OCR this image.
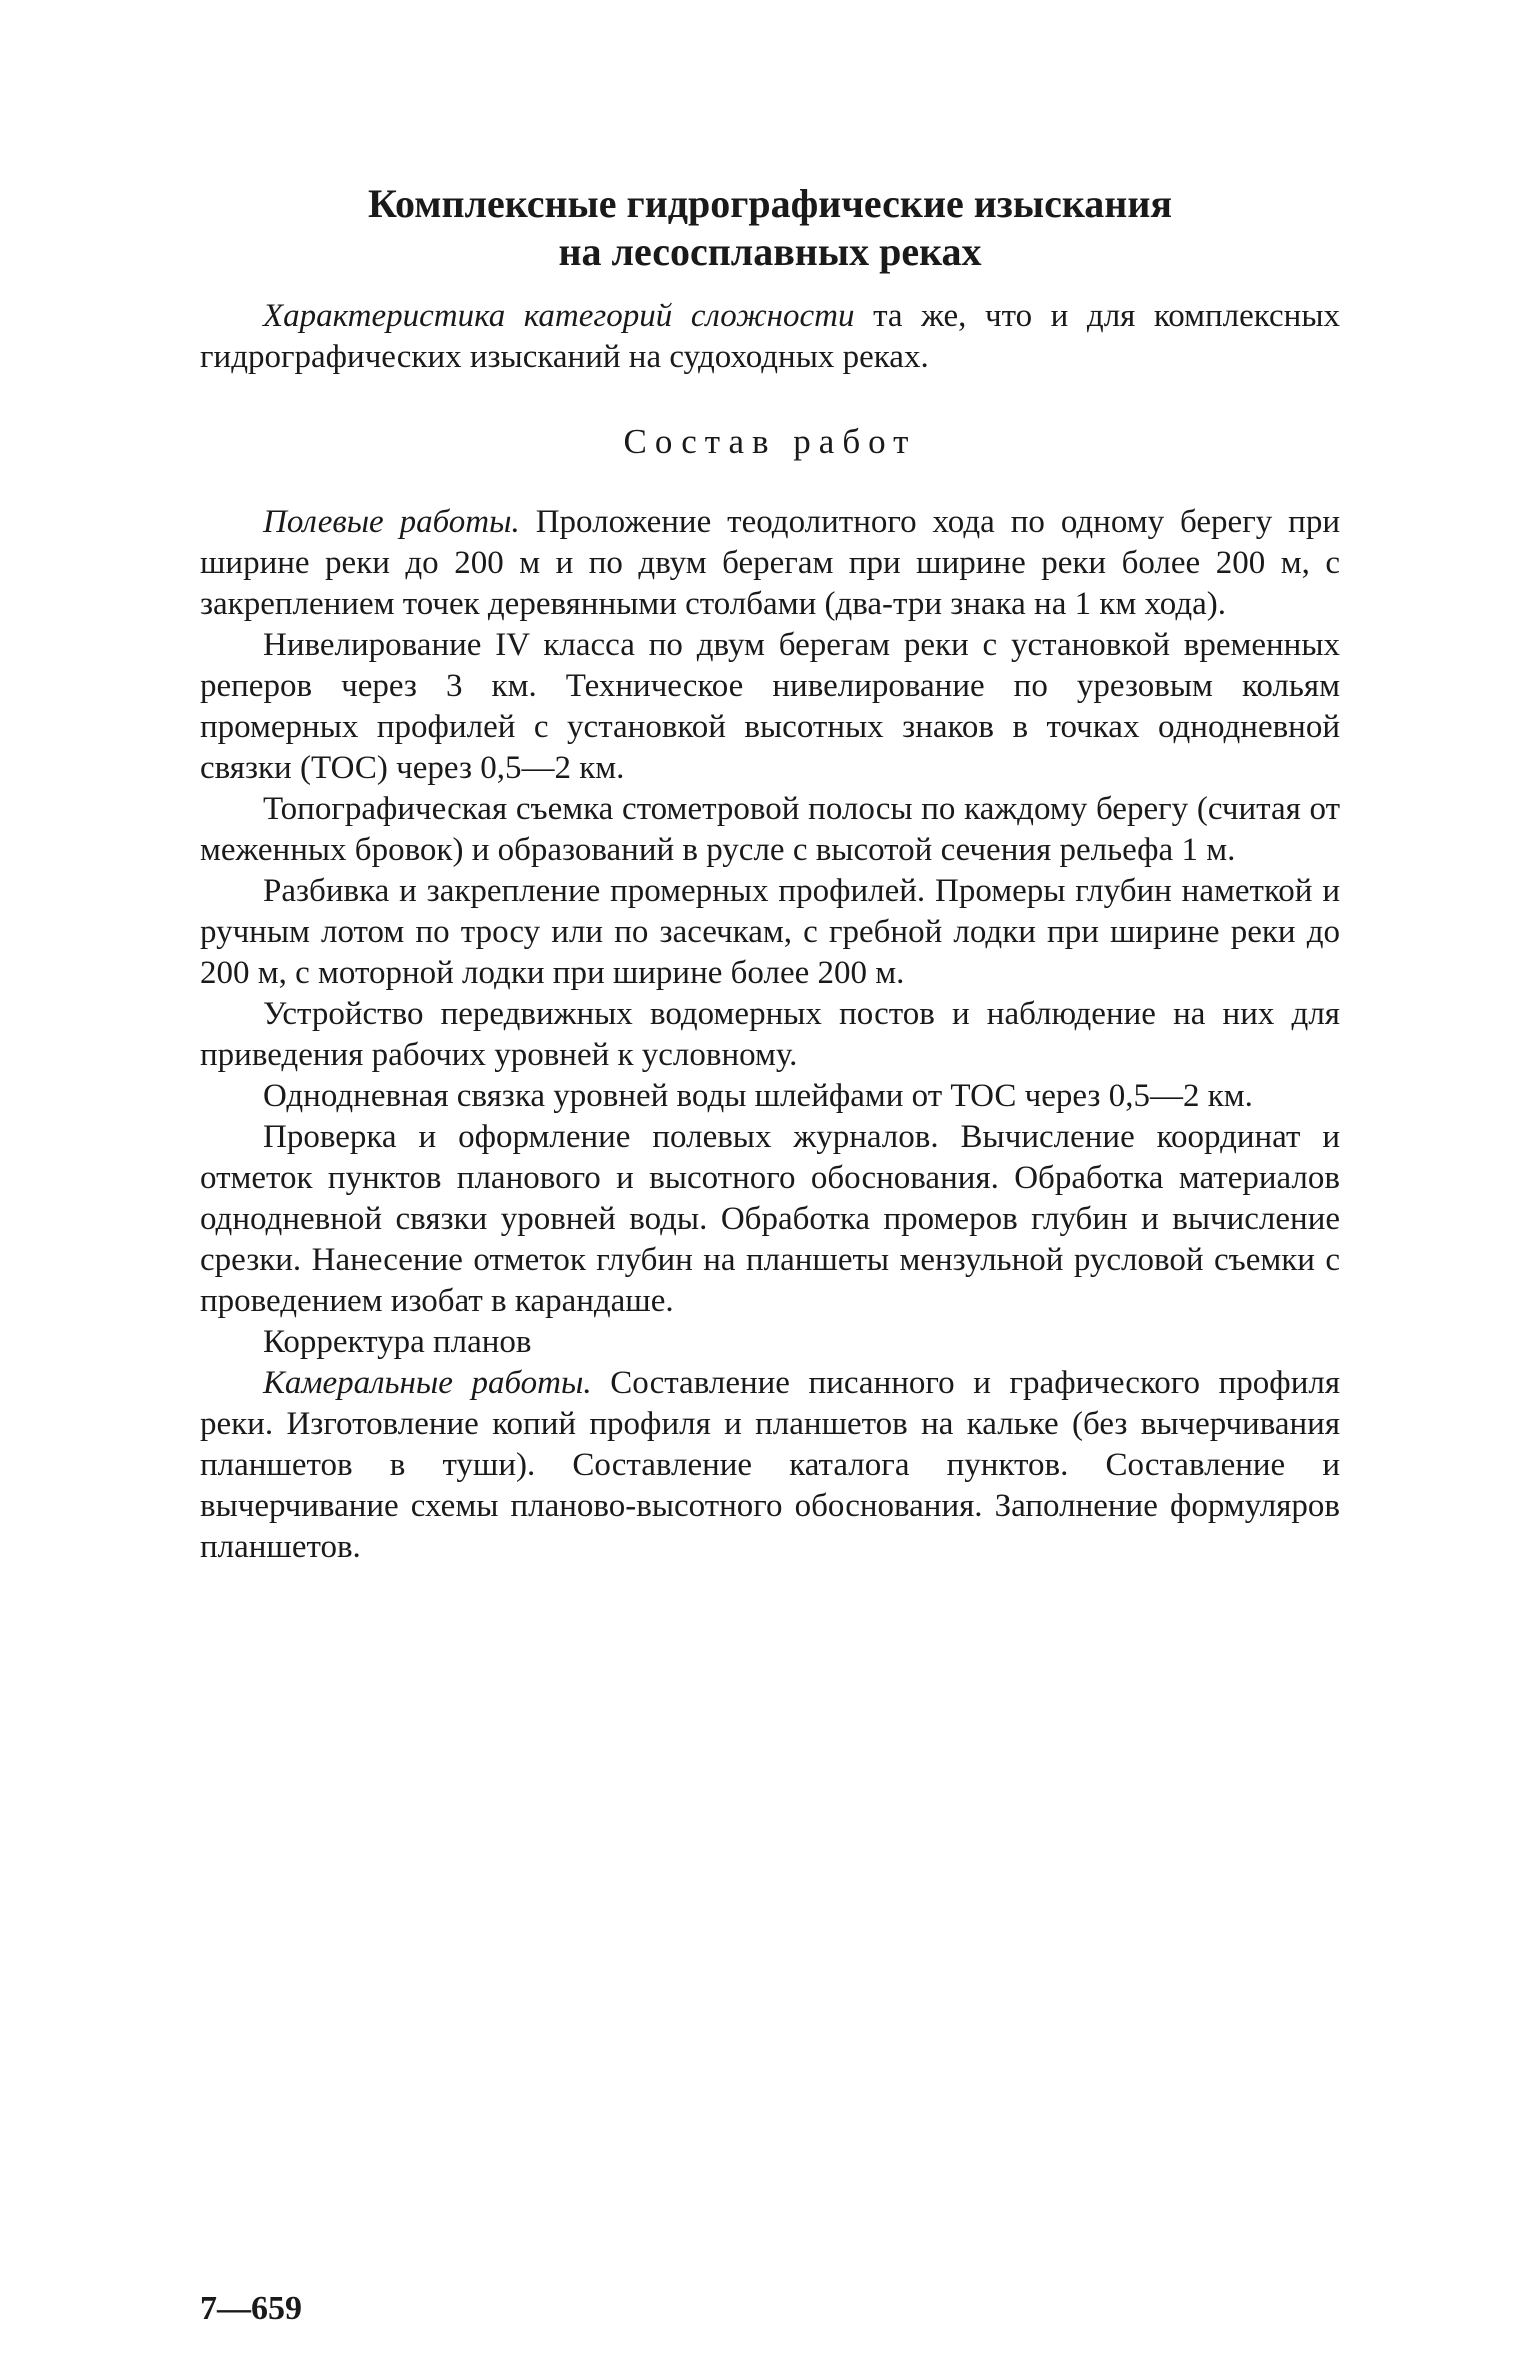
Комплексные гидрографические изыскания
на лесосплавных реках

Характеристика категорий сложности та же, что и для комплексных гидрографических изысканий на судоходных реках.

Состав работ

Полевые работы. Проложение теодолитного хода по одному берегу при ширине реки до 200 м и по двум берегам при ширине реки более 200 м, с закреплением точек деревянными столбами (два-три знака на 1 км хода).

Нивелирование IV класса по двум берегам реки с установкой временных реперов через 3 км. Техническое нивелирование по урезовым кольям промерных профилей с установкой высотных знаков в точках однодневной связки (ТОС) через 0,5—2 км.

Топографическая съемка стометровой полосы по каждому берегу (считая от меженных бровок) и образований в русле с высотой сечения рельефа 1 м.

Разбивка и закрепление промерных профилей. Промеры глубин наметкой и ручным лотом по тросу или по засечкам, с гребной лодки при ширине реки до 200 м, с моторной лодки при ширине более 200 м.

Устройство передвижных водомерных постов и наблюдение на них для приведения рабочих уровней к условному.

Однодневная связка уровней воды шлейфами от ТОС через 0,5—2 км.

Проверка и оформление полевых журналов. Вычисление координат и отметок пунктов планового и высотного обоснования. Обработка материалов однодневной связки уровней воды. Обработка промеров глубин и вычисление срезки. Нанесение отметок глубин на планшеты мензульной русловой съемки с проведением изобат в карандаше.

Корректура планов

Камеральные работы. Составление писанного и графического профиля реки. Изготовление копий профиля и планшетов на кальке (без вычерчивания планшетов в туши). Составление каталога пунктов. Составление и вычерчивание схемы планово-высотного обоснования. Заполнение формуляров планшетов.

7—659
